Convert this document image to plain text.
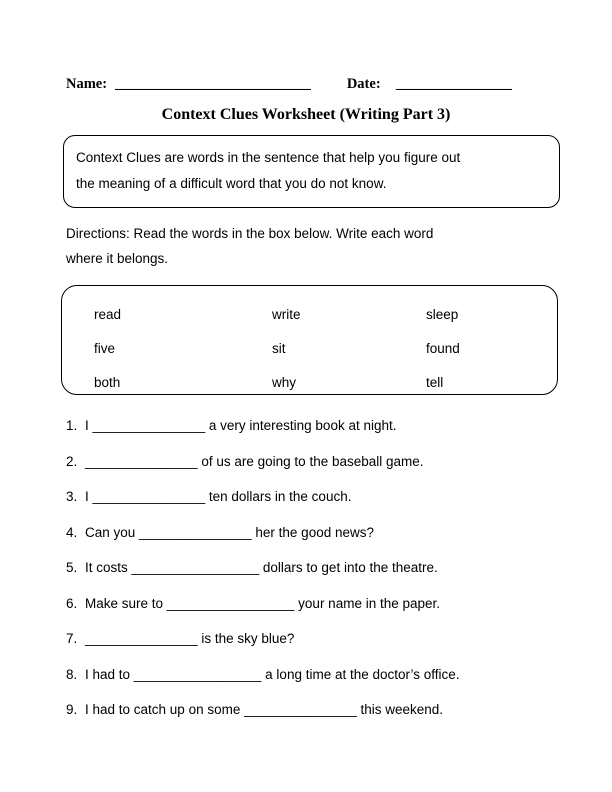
Name: ___________________________ Date: ________________
Context Clues Worksheet (Writing Part 3)
Context Clues are words in the sentence that help you figure out
the meaning of a difficult word that you do not know.
Directions: Read the words in the box below. Write each word
where it belongs.
read	write	sleep
five	sit	found
both	why	tell
1. I _______________ a very interesting book at night.
2. _______________ of us are going to the baseball game.
3. I _______________ ten dollars in the couch.
4. Can you _______________ her the good news?
5. It costs _________________ dollars to get into the theatre.
6. Make sure to _________________ your name in the paper.
7. _______________ is the sky blue?
8. I had to _________________ a long time at the doctor’s office.
9. I had to catch up on some _______________ this weekend.
